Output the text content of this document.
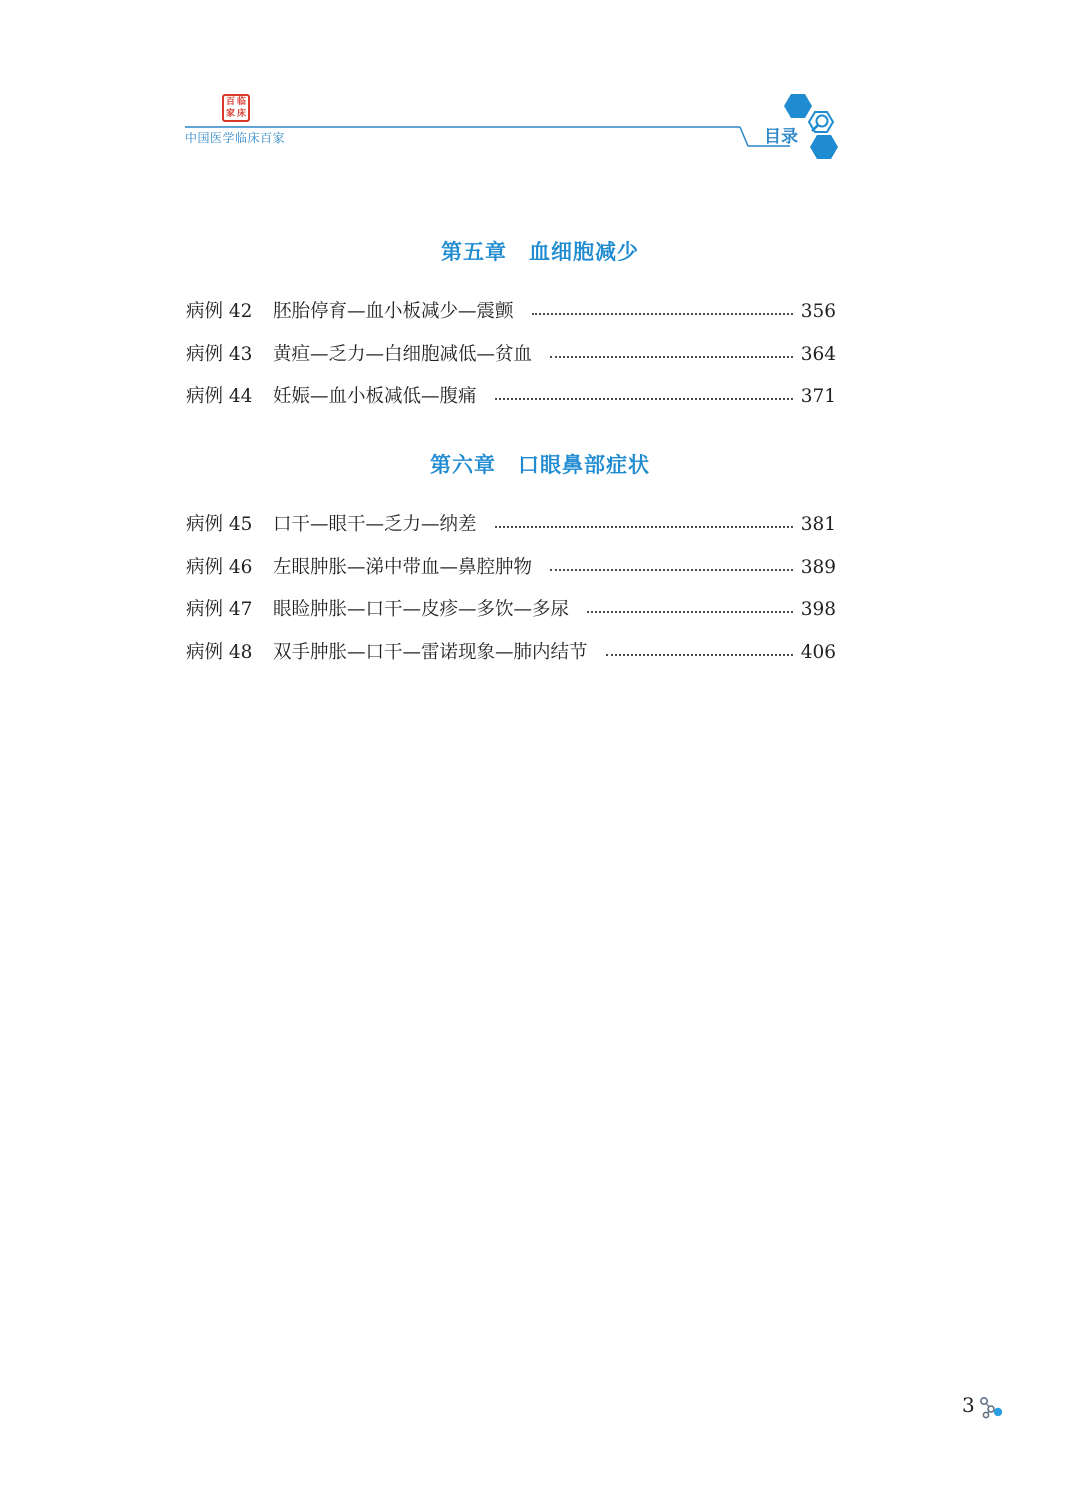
百 临
家 床
中国医学临床百家	目录
第五章　血细胞减少
病例 42	胚胎停育—血小板减少—震颤	356
病例 43	黄疸—乏力—白细胞减低—贫血	364
病例 44	妊娠—血小板减低—腹痛	371
第六章　口眼鼻部症状
病例 45	口干—眼干—乏力—纳差	381
病例 46	左眼肿胀—涕中带血—鼻腔肿物	389
病例 47	眼睑肿胀—口干—皮疹—多饮—多尿	398
病例 48	双手肿胀—口干—雷诺现象—肺内结节	406
3
